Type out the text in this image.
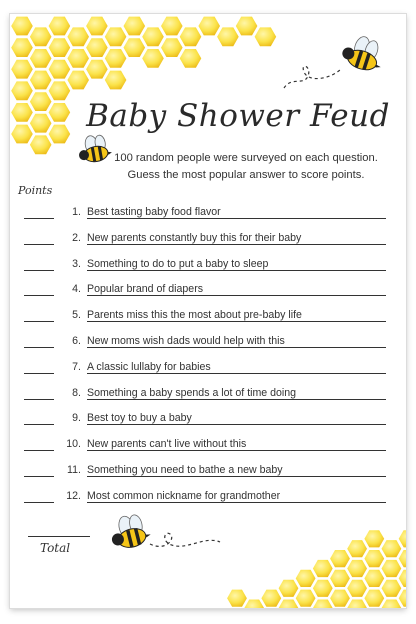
Baby Shower Feud
100 random people were surveyed on each question.
Guess the most popular answer to score points.
Points
1. Best tasting baby food flavor
2. New parents constantly buy this for their baby
3. Something to do to put a baby to sleep
4. Popular brand of diapers
5. Parents miss this the most about pre-baby life
6. New moms wish dads would help with this
7. A classic lullaby for babies
8. Something a baby spends a lot of time doing
9. Best toy to buy a baby
10. New parents can't live without this
11. Something you need to bathe a new baby
12. Most common nickname for grandmother
Total
